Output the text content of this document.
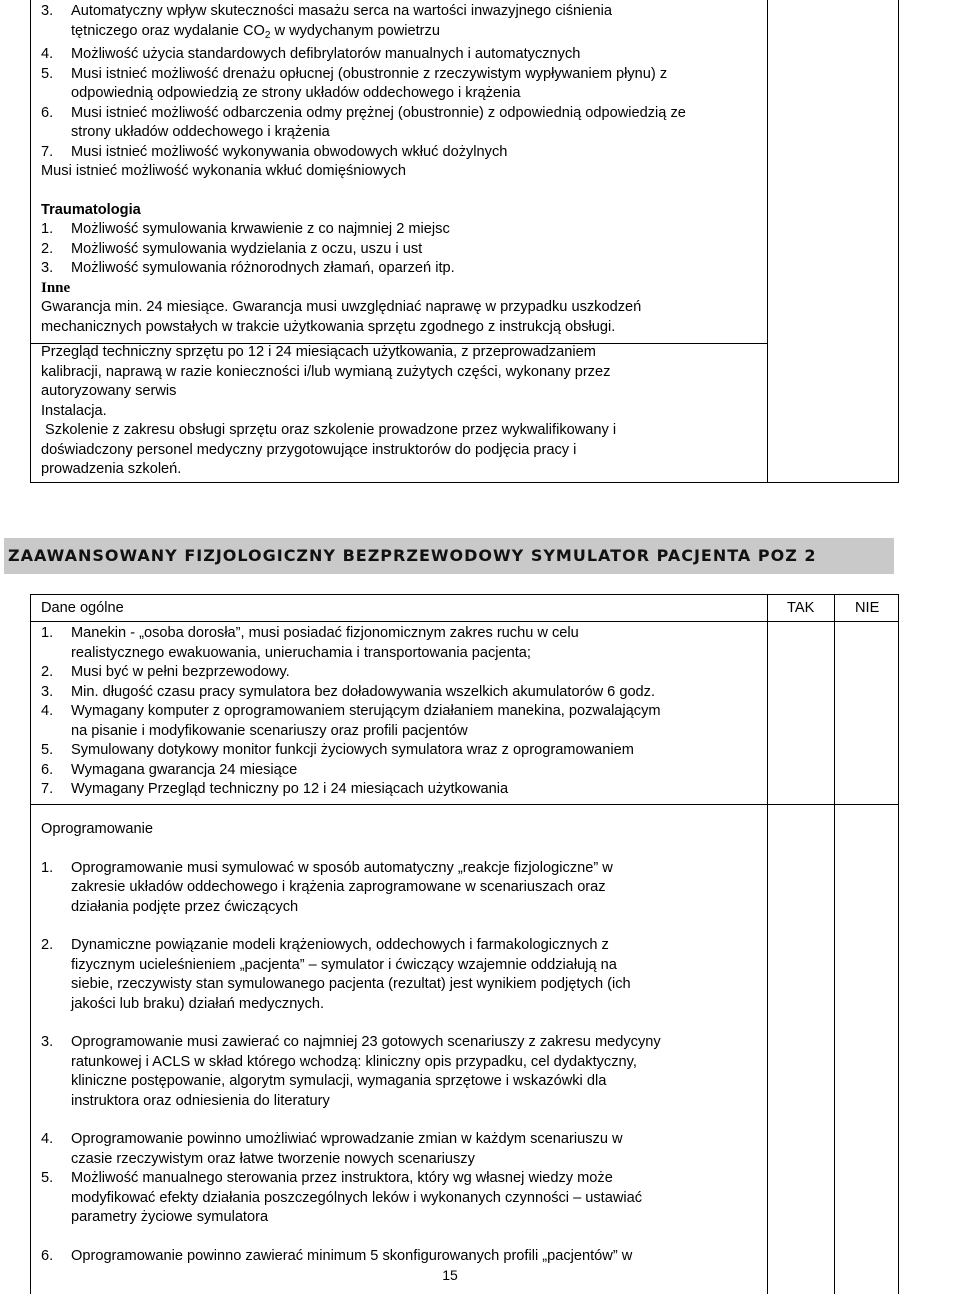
3.	Automatyczny wpływ skuteczności masażu serca na wartości inwazyjnego ciśnienia
tętniczego oraz wydalanie $CO_2$ w wydychanym powietrzu
4.	Możliwość użycia standardowych defibrylatorów manualnych i automatycznych
5.	Musi istnieć możliwość drenażu opłucnej (obustronnie z rzeczywistym wypływaniem płynu) z odpowiednią odpowiedzią ze strony układów oddechowego i krążenia
6.	Musi istnieć możliwość odbarczenia odmy prężnej (obustronnie) z odpowiednią odpowiedzią ze strony układów oddechowego i krążenia
7.	Musi istnieć możliwość wykonywania obwodowych wkłuć dożylnych
Musi istnieć możliwość wykonania wkłuć domięśniowych
Traumatologia
1.	Możliwość symulowania krwawienie z co najmniej 2 miejsc
2.	Możliwość symulowania wydzielania z oczu, uszu i ust
3.	Możliwość symulowania różnorodnych złamań, oparzeń itp.
Inne
Gwarancja min. 24 miesiące. Gwarancja musi uwzględniać naprawę w przypadku uszkodzeń
mechanicznych powstałych w trakcie użytkowania sprzętu zgodnego z instrukcją obsługi.
Przegląd techniczny sprzętu po 12 i 24 miesiącach użytkowania, z przeprowadzaniem
kalibracji, naprawą w razie konieczności i/lub wymianą zużytych części, wykonany przez
autoryzowany serwis
Instalacja.
Szkolenie z zakresu obsługi sprzętu oraz szkolenie prowadzone przez wykwalifikowany i
doświadczony personel medyczny przygotowujące instruktorów do podjęcia pracy i
prowadzenia szkoleń.
ZAAWANSOWANY FIZJOLOGICZNY BEZPRZEWODOWY SYMULATOR PACJENTA POZ 2
Dane ogólne	TAK	NIE
1.	Manekin - „osoba dorosła”, musi posiadać fizjonomicznym zakres ruchu w celu
realistycznego ewakuowania, unieruchamia i transportowania pacjenta;
2.	Musi być w pełni bezprzewodowy.
3.	Min. długość czasu pracy symulatora bez doładowywania wszelkich akumulatorów 6 godz.
4.	Wymagany komputer z oprogramowaniem sterującym działaniem manekina, pozwalającym
na pisanie i modyfikowanie scenariuszy oraz profili pacjentów
5.	Symulowany dotykowy monitor funkcji życiowych symulatora wraz z oprogramowaniem
6.	Wymagana gwarancja 24 miesiące
7.	Wymagany Przegląd techniczny po 12 i 24 miesiącach użytkowania
Oprogramowanie
1.	Oprogramowanie musi symulować w sposób automatyczny „reakcje fizjologiczne” w
zakresie układów oddechowego i krążenia zaprogramowane w scenariuszach oraz
działania podjęte przez ćwiczących
2.	Dynamiczne powiązanie modeli krążeniowych, oddechowych i farmakologicznych z
fizycznym ucieleśnieniem „pacjenta” – symulator i ćwiczący wzajemnie oddziałują na
siebie, rzeczywisty stan symulowanego pacjenta (rezultat) jest wynikiem podjętych (ich
jakości lub braku) działań medycznych.
3.	Oprogramowanie musi zawierać co najmniej 23 gotowych scenariuszy z zakresu medycyny
ratunkowej i ACLS w skład którego wchodzą: kliniczny opis przypadku, cel dydaktyczny,
kliniczne postępowanie, algorytm symulacji, wymagania sprzętowe i wskazówki dla
instruktora oraz odniesienia do literatury
4.	Oprogramowanie powinno umożliwiać wprowadzanie zmian w każdym scenariuszu w
czasie rzeczywistym oraz łatwe tworzenie nowych scenariuszy
5.	Możliwość manualnego sterowania przez instruktora, który wg własnej wiedzy może
modyfikować efekty działania poszczególnych leków i wykonanych czynności – ustawiać
parametry życiowe symulatora
6.	Oprogramowanie powinno zawierać minimum 5 skonfigurowanych profili „pacjentów” w
15
